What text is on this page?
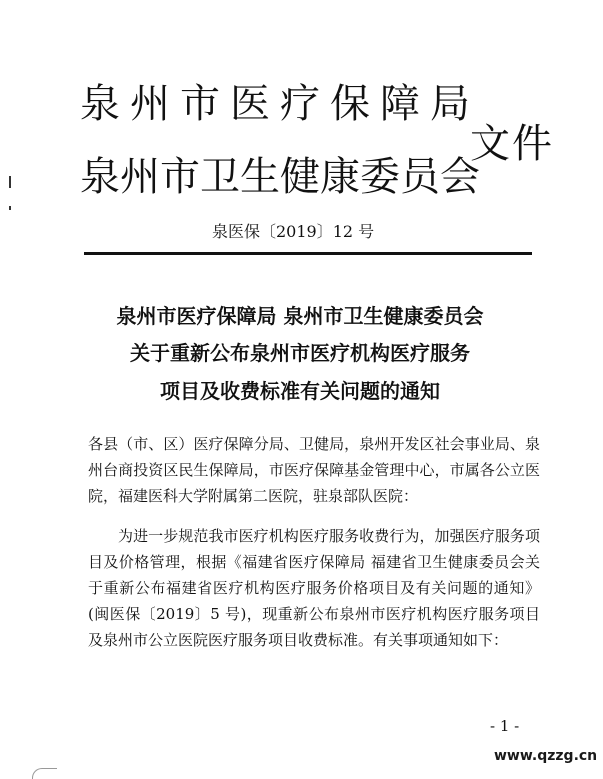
泉州市医疗保障局
泉州市卫生健康委员会
文件
泉医保〔2019〕12 号
泉州市医疗保障局 泉州市卫生健康委员会
关于重新公布泉州市医疗机构医疗服务
项目及收费标准有关问题的通知
各县（市、区）医疗保障分局、卫健局，泉州开发区社会事业局、泉州台商投资区民生保障局，市医疗保障基金管理中心，市属各公立医院，福建医科大学附属第二医院，驻泉部队医院：
为进一步规范我市医疗机构医疗服务收费行为，加强医疗服务项目及价格管理，根据《福建省医疗保障局 福建省卫生健康委员会关于重新公布福建省医疗机构医疗服务价格项目及有关问题的通知》(闽医保〔2019〕5 号)，现重新公布泉州市医疗机构医疗服务项目及泉州市公立医院医疗服务项目收费标准。有关事项通知如下：
- 1 -
www.qzzg.cn
